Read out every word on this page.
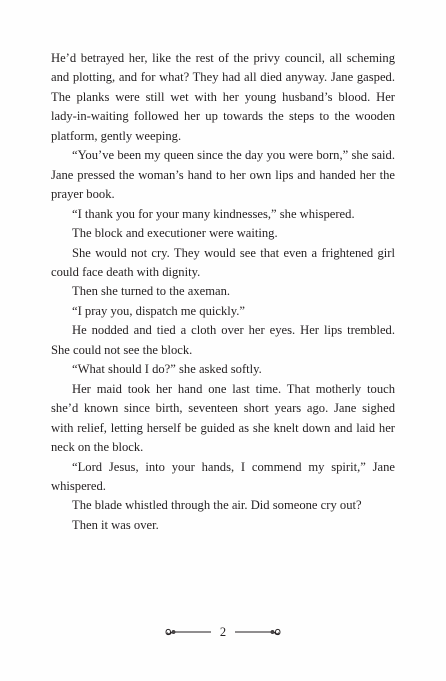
He’d betrayed her, like the rest of the privy council, all scheming and plotting, and for what? They had all died anyway. Jane gasped. The planks were still wet with her young husband’s blood. Her lady-in-waiting followed her up towards the steps to the wooden platform, gently weeping.

“You’ve been my queen since the day you were born,” she said. Jane pressed the woman’s hand to her own lips and handed her the prayer book.

“I thank you for your many kindnesses,” she whispered.

The block and executioner were waiting.

She would not cry. They would see that even a frightened girl could face death with dignity.

Then she turned to the axeman.

“I pray you, dispatch me quickly.”

He nodded and tied a cloth over her eyes. Her lips trembled. She could not see the block.

“What should I do?” she asked softly.

Her maid took her hand one last time. That motherly touch she’d known since birth, seventeen short years ago. Jane sighed with relief, letting herself be guided as she knelt down and laid her neck on the block.

“Lord Jesus, into your hands, I commend my spirit,” Jane whispered.

The blade whistled through the air. Did someone cry out?

Then it was over.

2
